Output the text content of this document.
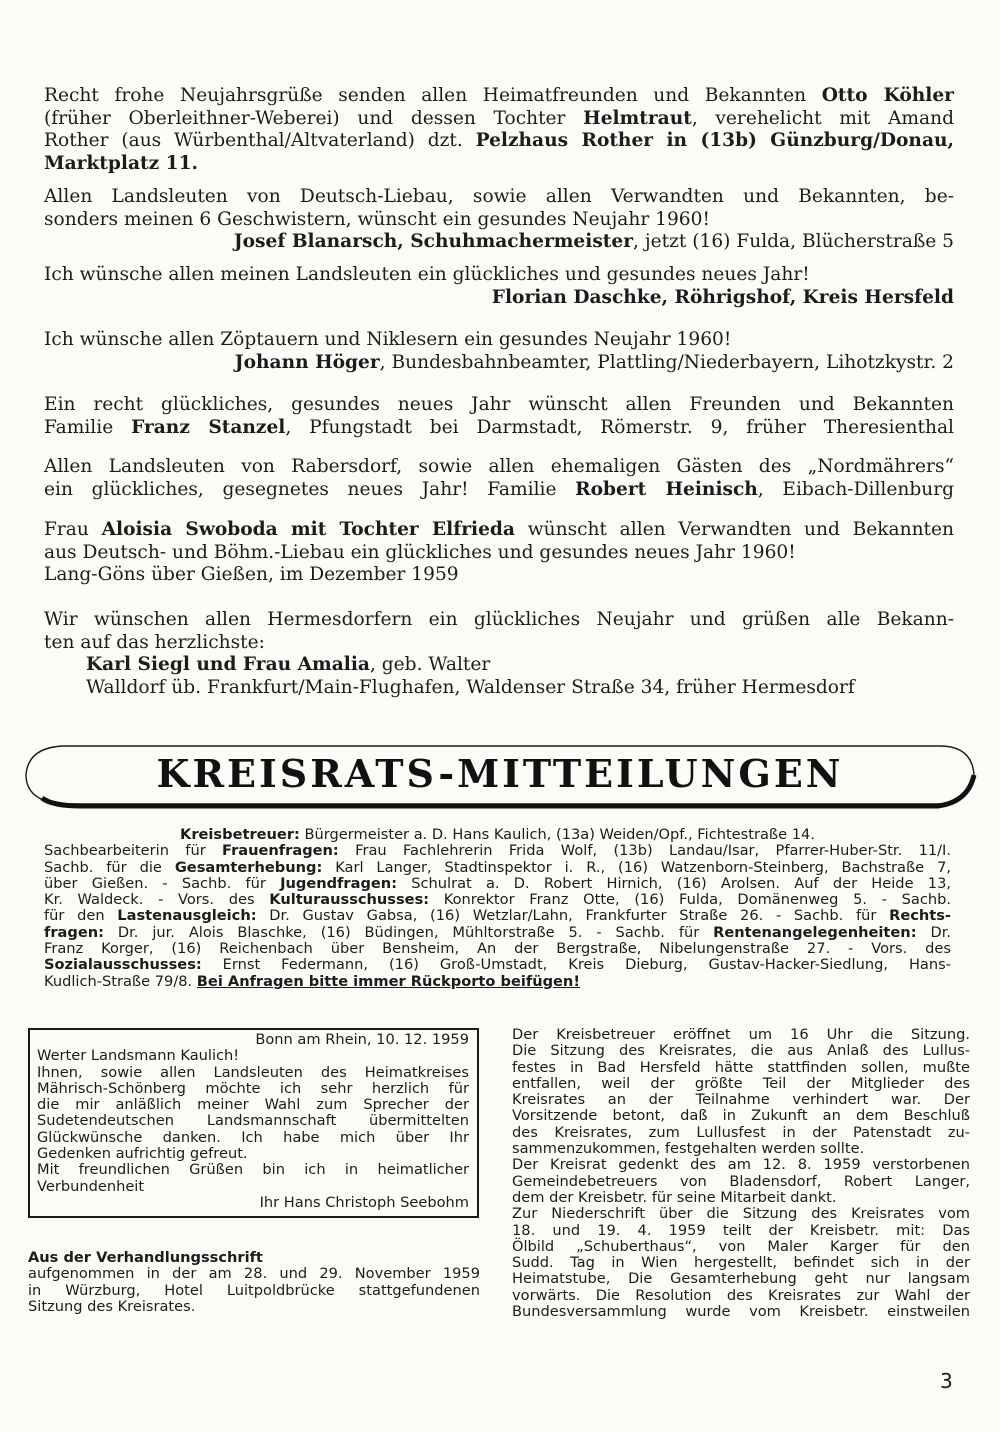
Recht frohe Neujahrsgrüße senden allen Heimatfreunden und Bekannten Otto Köhler
(früher Oberleithner-Weberei) und dessen Tochter Helmtraut, verehelicht mit Amand
Rother (aus Würbenthal/Altvaterland) dzt. Pelzhaus Rother in (13b) Günzburg/Donau,
Marktplatz 11.
Allen Landsleuten von Deutsch-Liebau, sowie allen Verwandten und Bekannten, be-
sonders meinen 6 Geschwistern, wünscht ein gesundes Neujahr 1960!
Josef Blanarsch, Schuhmachermeister, jetzt (16) Fulda, Blücherstraße 5
Ich wünsche allen meinen Landsleuten ein glückliches und gesundes neues Jahr!
Florian Daschke, Röhrigshof, Kreis Hersfeld
Ich wünsche allen Zöptauern und Niklesern ein gesundes Neujahr 1960!
Johann Höger, Bundesbahnbeamter, Plattling/Niederbayern, Lihotzkystr. 2
Ein recht glückliches, gesundes neues Jahr wünscht allen Freunden und Bekannten
Familie Franz Stanzel, Pfungstadt bei Darmstadt, Römerstr. 9, früher Theresienthal
Allen Landsleuten von Rabersdorf, sowie allen ehemaligen Gästen des „Nordmährers“
ein glückliches, gesegnetes neues Jahr! Familie Robert Heinisch, Eibach-Dillenburg
Frau Aloisia Swoboda mit Tochter Elfrieda wünscht allen Verwandten und Bekannten
aus Deutsch- und Böhm.-Liebau ein glückliches und gesundes neues Jahr 1960!
Lang-Göns über Gießen, im Dezember 1959
Wir wünschen allen Hermesdorfern ein glückliches Neujahr und grüßen alle Bekann-
ten auf das herzlichste:
Karl Siegl und Frau Amalia, geb. Walter
Walldorf üb. Frankfurt/Main-Flughafen, Waldenser Straße 34, früher Hermesdorf
KREISRATS-MITTEILUNGEN
Kreisbetreuer: Bürgermeister a. D. Hans Kaulich, (13a) Weiden/Opf., Fichtestraße 14.
Sachbearbeiterin für Frauenfragen: Frau Fachlehrerin Frida Wolf, (13b) Landau/Isar, Pfarrer-Huber-Str. 11/I.
Sachb. für die Gesamterhebung: Karl Langer, Stadtinspektor i. R., (16) Watzenborn-Steinberg, Bachstraße 7,
über Gießen. - Sachb. für Jugendfragen: Schulrat a. D. Robert Hirnich, (16) Arolsen. Auf der Heide 13,
Kr. Waldeck. - Vors. des Kulturausschusses: Konrektor Franz Otte, (16) Fulda, Domänenweg 5. - Sachb.
für den Lastenausgleich: Dr. Gustav Gabsa, (16) Wetzlar/Lahn, Frankfurter Straße 26. - Sachb. für Rechts-
fragen: Dr. jur. Alois Blaschke, (16) Büdingen, Mühltorstraße 5. - Sachb. für Rentenangelegenheiten: Dr.
Franz Korger, (16) Reichenbach über Bensheim, An der Bergstraße, Nibelungenstraße 27. - Vors. des
Sozialausschusses: Ernst Federmann, (16) Groß-Umstadt, Kreis Dieburg, Gustav-Hacker-Siedlung, Hans-
Kudlich-Straße 79/8. Bei Anfragen bitte immer Rückporto beifügen!
Bonn am Rhein, 10. 12. 1959
Werter Landsmann Kaulich!
Ihnen, sowie allen Landsleuten des Heimatkreises
Mährisch-Schönberg möchte ich sehr herzlich für
die mir anläßlich meiner Wahl zum Sprecher der
Sudetendeutschen Landsmannschaft übermittelten
Glückwünsche danken. Ich habe mich über Ihr
Gedenken aufrichtig gefreut.
Mit freundlichen Grüßen bin ich in heimatlicher
Verbundenheit
Ihr Hans Christoph Seebohm
Aus der Verhandlungsschrift
aufgenommen in der am 28. und 29. November 1959
in Würzburg, Hotel Luitpoldbrücke stattgefundenen
Sitzung des Kreisrates.
Der Kreisbetreuer eröffnet um 16 Uhr die Sitzung.
Die Sitzung des Kreisrates, die aus Anlaß des Lullus-
festes in Bad Hersfeld hätte stattfinden sollen, mußte
entfallen, weil der größte Teil der Mitglieder des
Kreisrates an der Teilnahme verhindert war. Der
Vorsitzende betont, daß in Zukunft an dem Beschluß
des Kreisrates, zum Lullusfest in der Patenstadt zu-
sammenzukommen, festgehalten werden sollte.
Der Kreisrat gedenkt des am 12. 8. 1959 verstorbenen
Gemeindebetreuers von Bladensdorf, Robert Langer,
dem der Kreisbetr. für seine Mitarbeit dankt.
Zur Niederschrift über die Sitzung des Kreisrates vom
18. und 19. 4. 1959 teilt der Kreisbetr. mit: Das
Ölbild „Schuberthaus“, von Maler Karger für den
Sudd. Tag in Wien hergestellt, befindet sich in der
Heimatstube, Die Gesamterhebung geht nur langsam
vorwärts. Die Resolution des Kreisrates zur Wahl der
Bundesversammlung wurde vom Kreisbetr. einstweilen
3
